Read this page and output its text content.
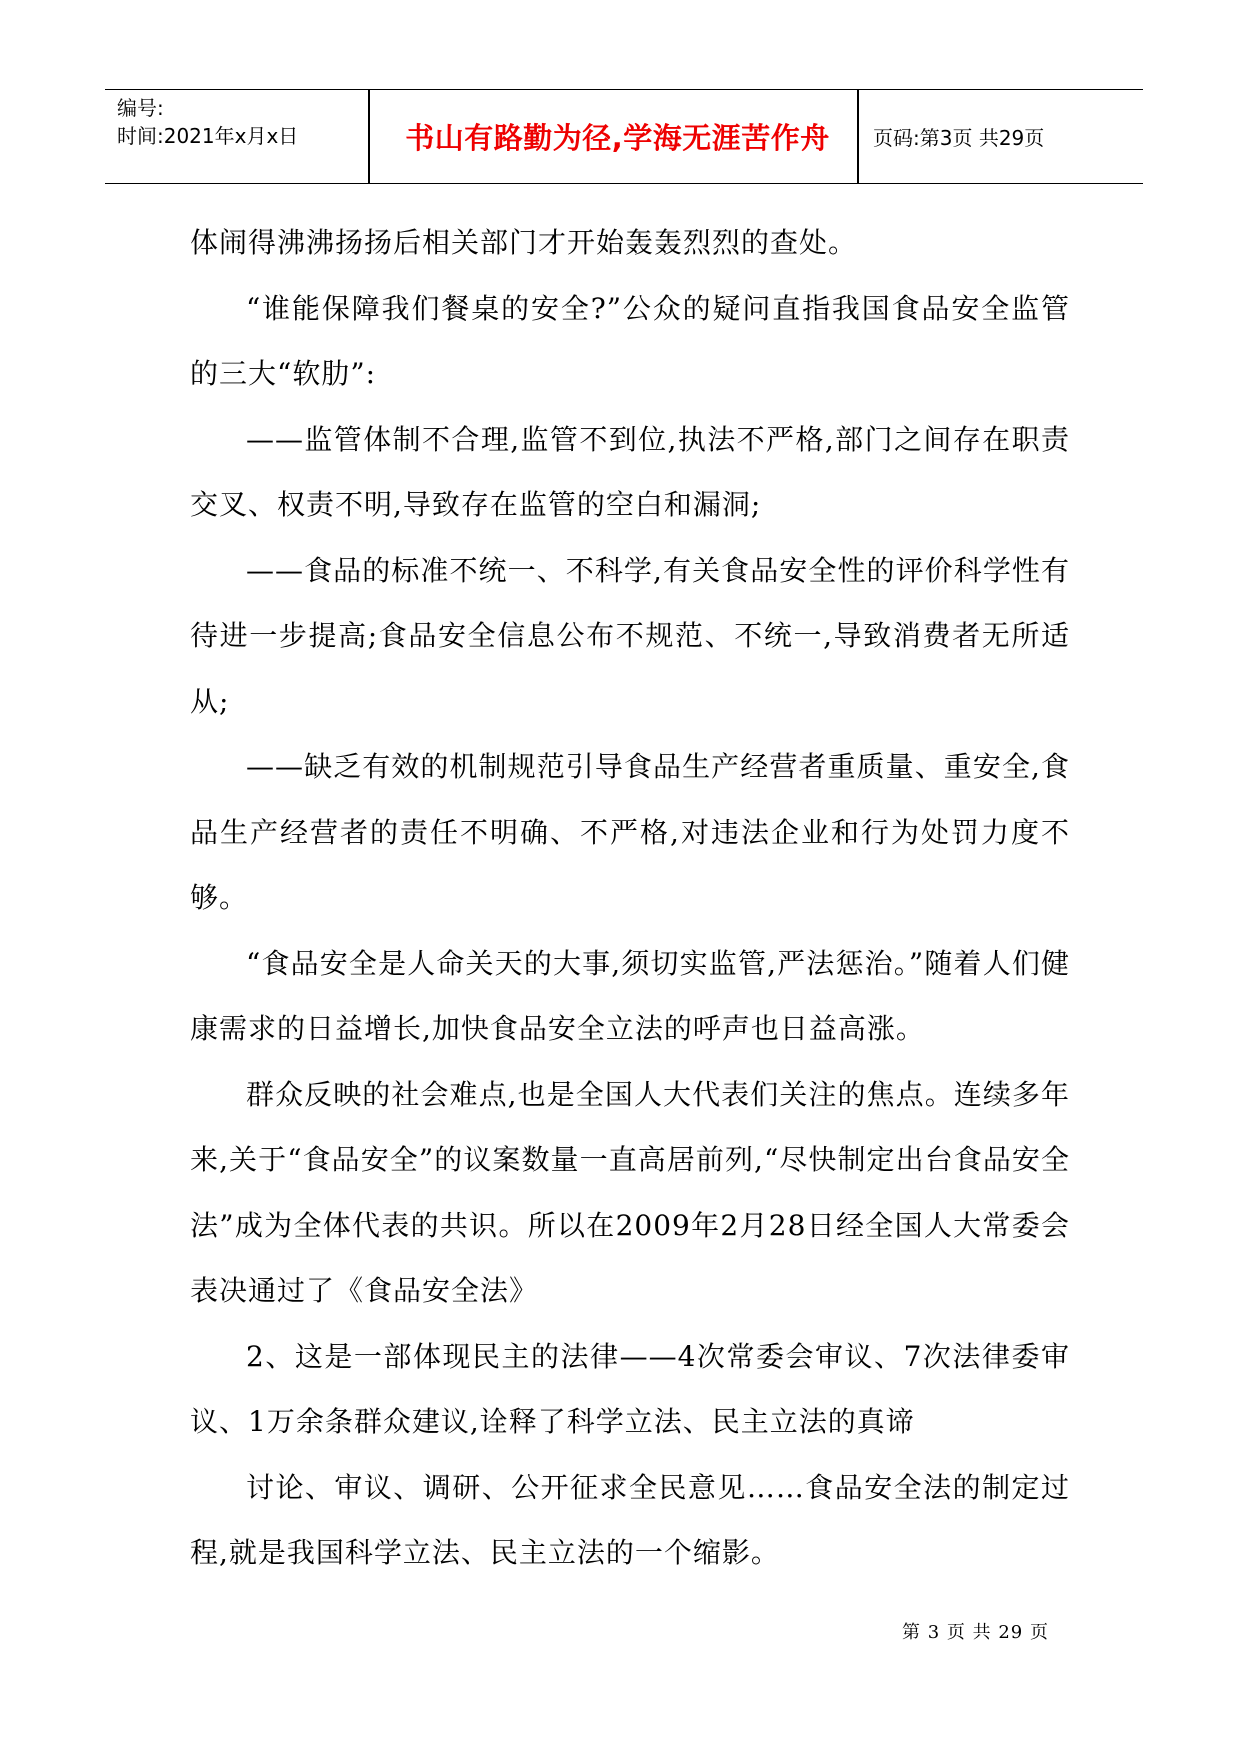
编号:
时间:2021年x月x日	书山有路勤为径,学海无涯苦作舟	页码:第3页 共29页

体闹得沸沸扬扬后相关部门才开始轰轰烈烈的查处。

“谁能保障我们餐桌的安全?”公众的疑问直指我国食品安全监管的三大“软肋”:

——监管体制不合理,监管不到位,执法不严格,部门之间存在职责交叉、权责不明,导致存在监管的空白和漏洞;

——食品的标准不统一、不科学,有关食品安全性的评价科学性有待进一步提高;食品安全信息公布不规范、不统一,导致消费者无所适从;

——缺乏有效的机制规范引导食品生产经营者重质量、重安全,食品生产经营者的责任不明确、不严格,对违法企业和行为处罚力度不够。

“食品安全是人命关天的大事,须切实监管,严法惩治。”随着人们健康需求的日益增长,加快食品安全立法的呼声也日益高涨。

群众反映的社会难点,也是全国人大代表们关注的焦点。连续多年来,关于“食品安全”的议案数量一直高居前列,“尽快制定出台食品安全法”成为全体代表的共识。所以在2009年2月28日经全国人大常委会表决通过了《食品安全法》

2、这是一部体现民主的法律——4次常委会审议、7次法律委审议、1万余条群众建议,诠释了科学立法、民主立法的真谛

讨论、审议、调研、公开征求全民意见……食品安全法的制定过程,就是我国科学立法、民主立法的一个缩影。

第 3 页 共 29 页
